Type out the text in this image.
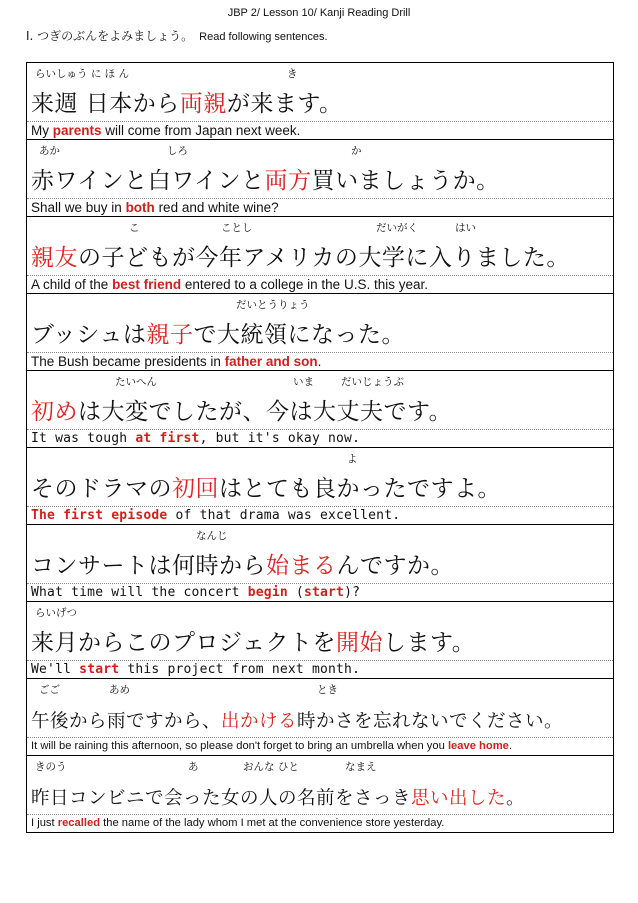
JBP 2/ Lesson 10/ Kanji Reading Drill
Ⅰ. つぎのぶんをよみましょう。 Read following sentences.
らいしゅう に ほ ん	き
来週 日本から両親が来ます。
My parents will come from Japan next week.
あか	しろ	か
赤ワインと白ワインと両方買いましょうか。
Shall we buy in both red and white wine?
こ	ことし	だいがく	はい
親友の子どもが今年アメリカの大学に入りました。
A child of the best friend entered to a college in the U.S. this year.
だいとうりょう
ブッシュは親子で大統領になった。
The Bush became presidents in father and son.
たいへん	いま	だいじょうぶ
初めは大変でしたが、今は大丈夫です。
It was tough at first, but it's okay now.
よ
そのドラマの初回はとても良かったですよ。
The first episode of that drama was excellent.
なんじ
コンサートは何時から始まるんですか。
What time will the concert begin (start)?
らいげつ
来月からこのプロジェクトを開始します。
We'll start this project from next month.
ごご	あめ	とき
午後から雨ですから、出かける時かさを忘れないでください。
It will be raining this afternoon, so please don't forget to bring an umbrella when you leave home.
きのう	あ	おんな ひと	なまえ
昨日コンビニで会った女の人の名前をさっき思い出した。
I just recalled the name of the lady whom I met at the convenience store yesterday.
